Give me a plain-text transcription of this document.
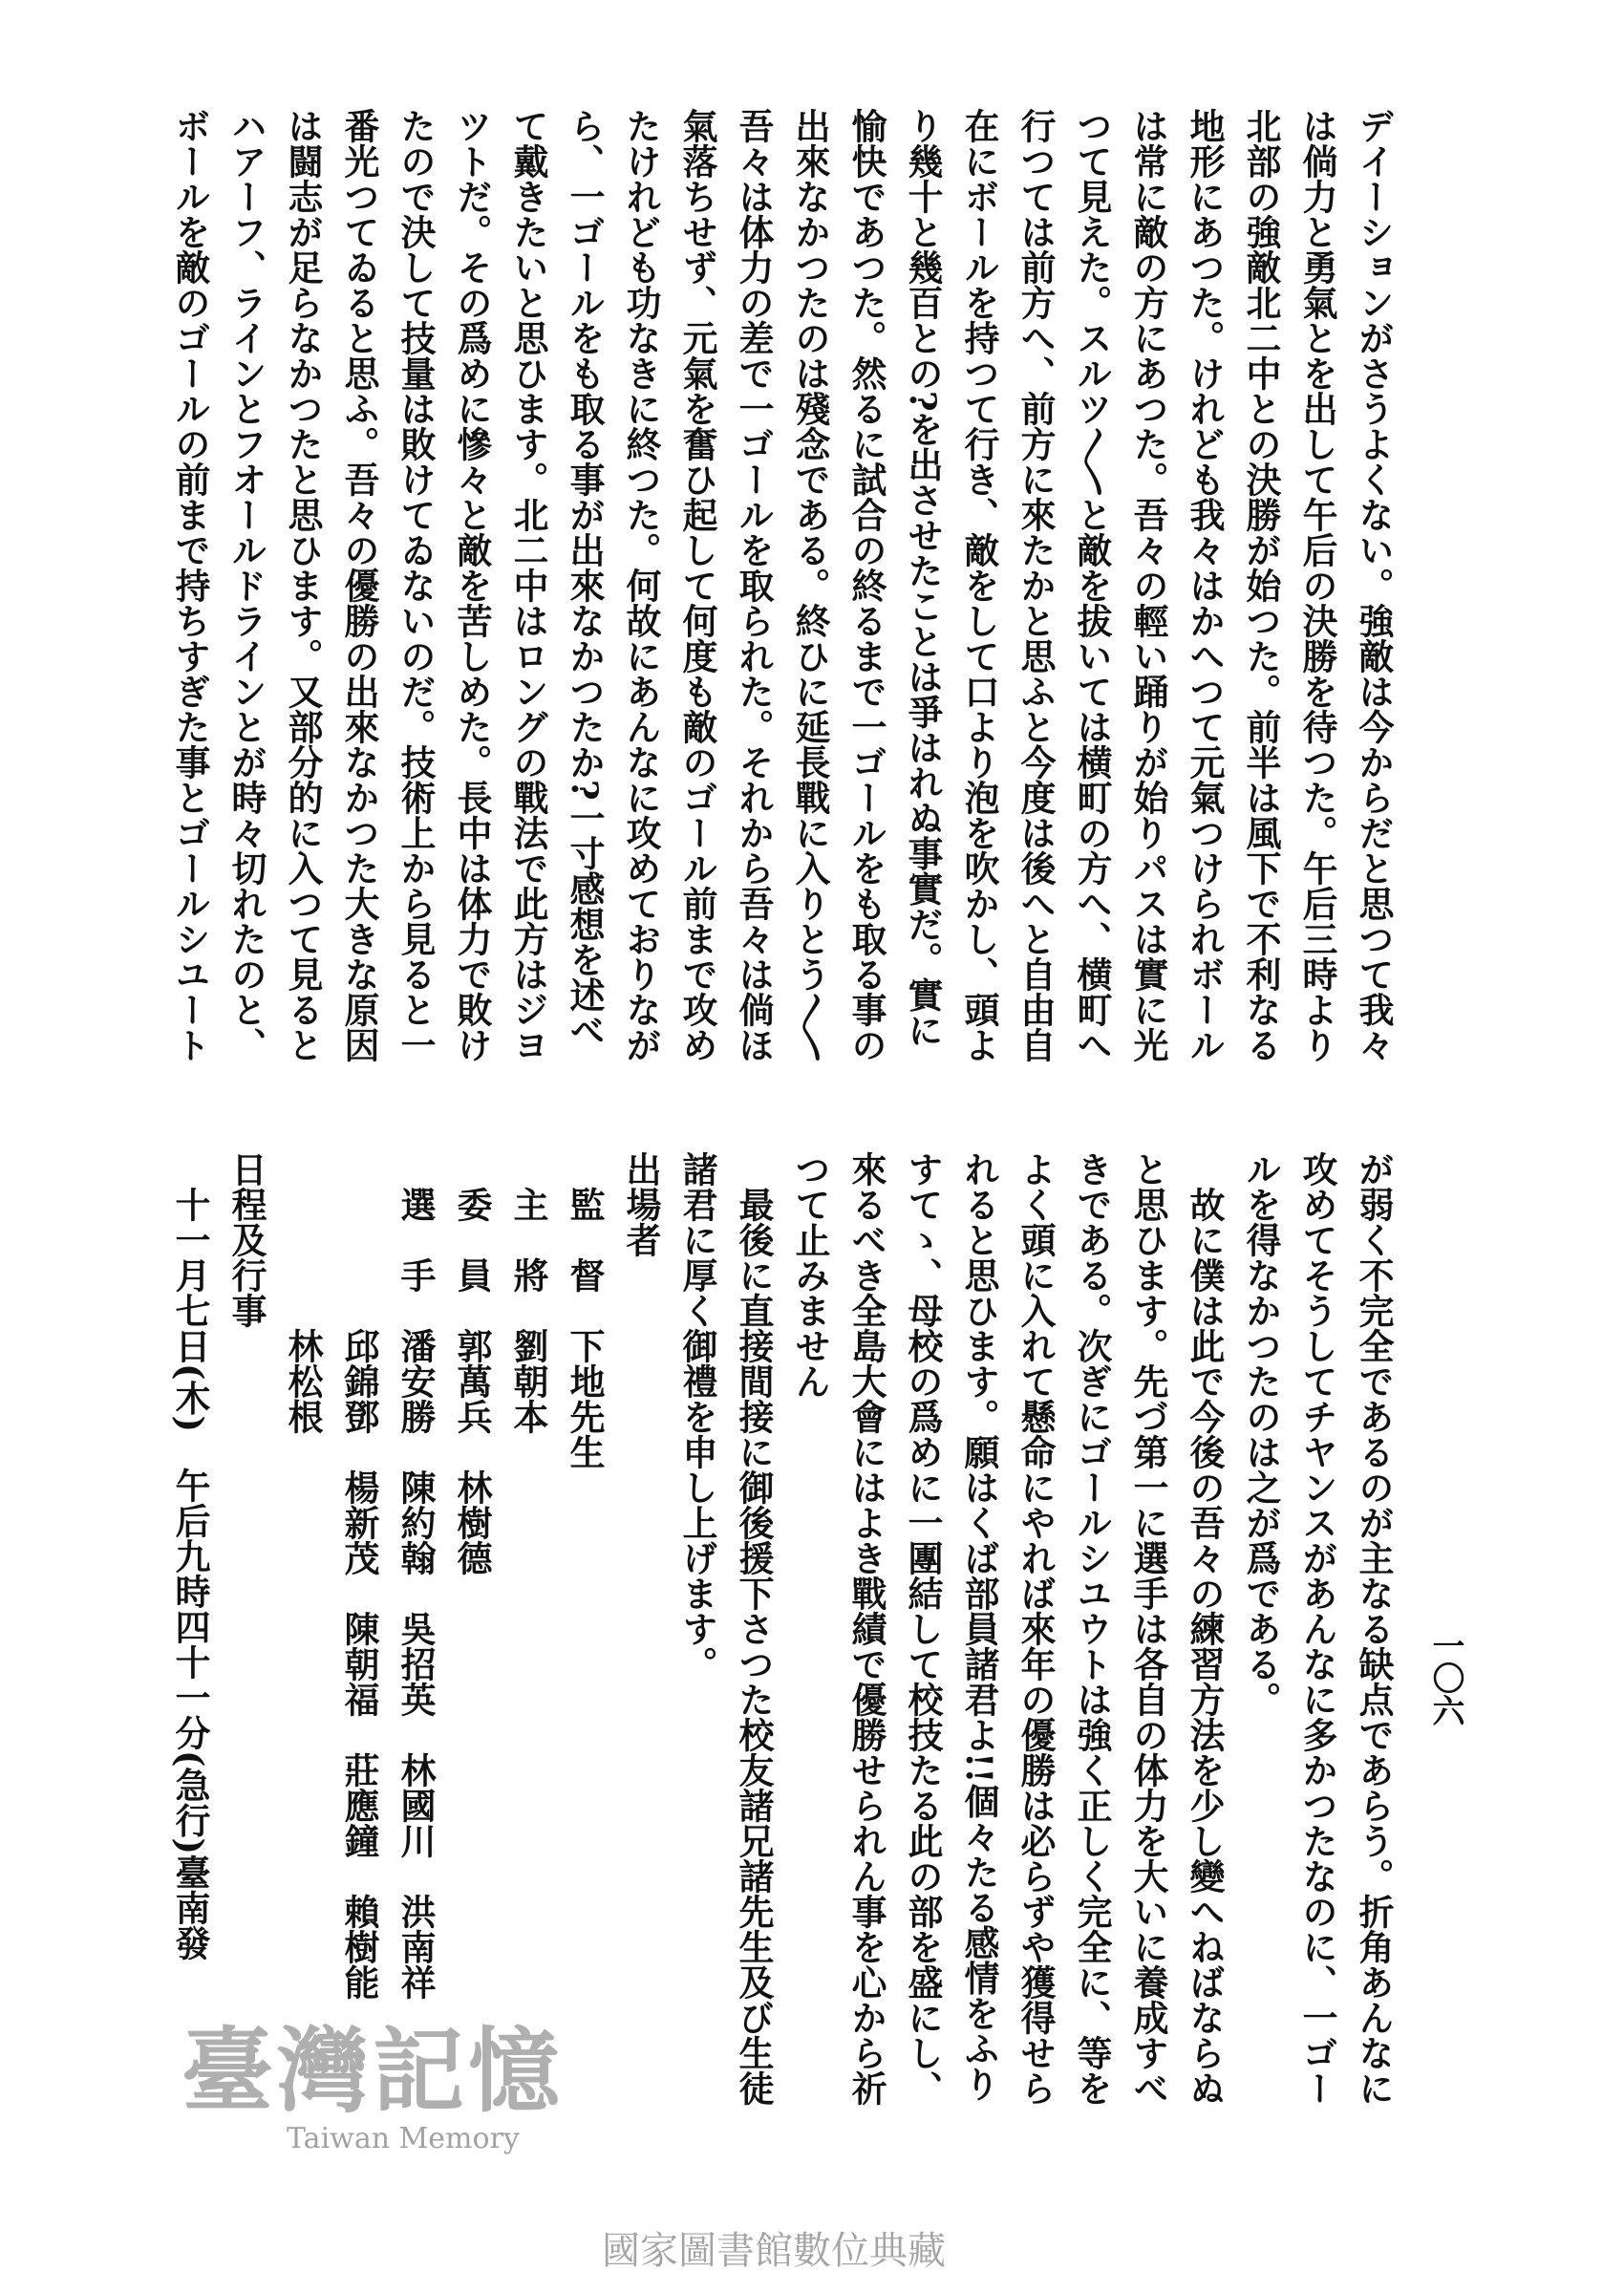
デイーションがさうよくない。強敵は今からだと思つて我々
は倘力と勇氣とを出して午后の決勝を待つた。午后三時より
北部の強敵北二中との決勝が始つた。前半は風下で不利なる
地形にあつた。けれども我々はかへつて元氣つけられボール
は常に敵の方にあつた。吾々の輕い踊りが始りパスは實に光
つて見えた。スルツ〱と敵を拔いては横町の方へ、横町へ
行つては前方へ、前方に來たかと思ふと今度は後へと自由自
在にボールを持つて行き、敵をして口より泡を吹かし、頭よ
り幾十と幾百との?を出させたことは爭はれぬ事實だ。實に
愉快であつた。然るに試合の終るまで一ゴールをも取る事の
出來なかつたのは殘念である。終ひに延長戰に入りとう〱
吾々は体力の差で一ゴールを取られた。それから吾々は倘ほ
氣落ちせず、元氣を奮ひ起して何度も敵のゴール前まで攻め
たけれども功なきに終つた。何故にあんなに攻めておりなが
ら、一ゴールをも取る事が出來なかつたか?一寸感想を述べ
て戴きたいと思ひます。北二中はロングの戰法で此方はジヨ
ツトだ。その爲めに慘々と敵を苦しめた。長中は体力で敗け
たので決して技量は敗けてゐないのだ。技術上から見ると一
番光つてゐると思ふ。吾々の優勝の出來なかつた大きな原因
は闘志が足らなかつたと思ひます。又部分的に入つて見ると
ハアーフ、ラインとフオールドラインとが時々切れたのと、
ボールを敵のゴールの前まで持ちすぎた事とゴールシユート
一〇六
が弱く不完全であるのが主なる缺点であらう。折角あんなに
攻めてそうしてチヤンスがあんなに多かつたなのに、一ゴー
ルを得なかつたのは之が爲である。
故に僕は此で今後の吾々の練習方法を少し變へねばならぬ
と思ひます。先づ第一に選手は各自の体力を大いに養成すべ
きである。次ぎにゴールシユウトは強く正しく完全に、等を
よく頭に入れて懸命にやれば來年の優勝は必らずや獲得せら
れると思ひます。願はくば部員諸君よ!!個々たる感情をふり
すてゝ、母校の爲めに一團結して校技たる此の部を盛にし、
來るべき全島大會にはよき戰績で優勝せられん事を心から祈
つて止みません
最後に直接間接に御後援下さつた校友諸兄諸先生及び生徒
諸君に厚く御禮を申し上げます。
出場者
監　督　下地先生
主　將　劉朝本
委　員　郭萬兵　林樹德
選　手　潘安勝　陳約翰　吳招英　林國川　洪南祥
　　　　邱錦鄧　楊新茂　陳朝福　莊應鐘　賴樹能
　　　　林松根
日程及行事
十一月七日(木)　午后九時四十一分(急行)臺南發
臺灣記憶
Taiwan Memory
國家圖書館數位典藏
